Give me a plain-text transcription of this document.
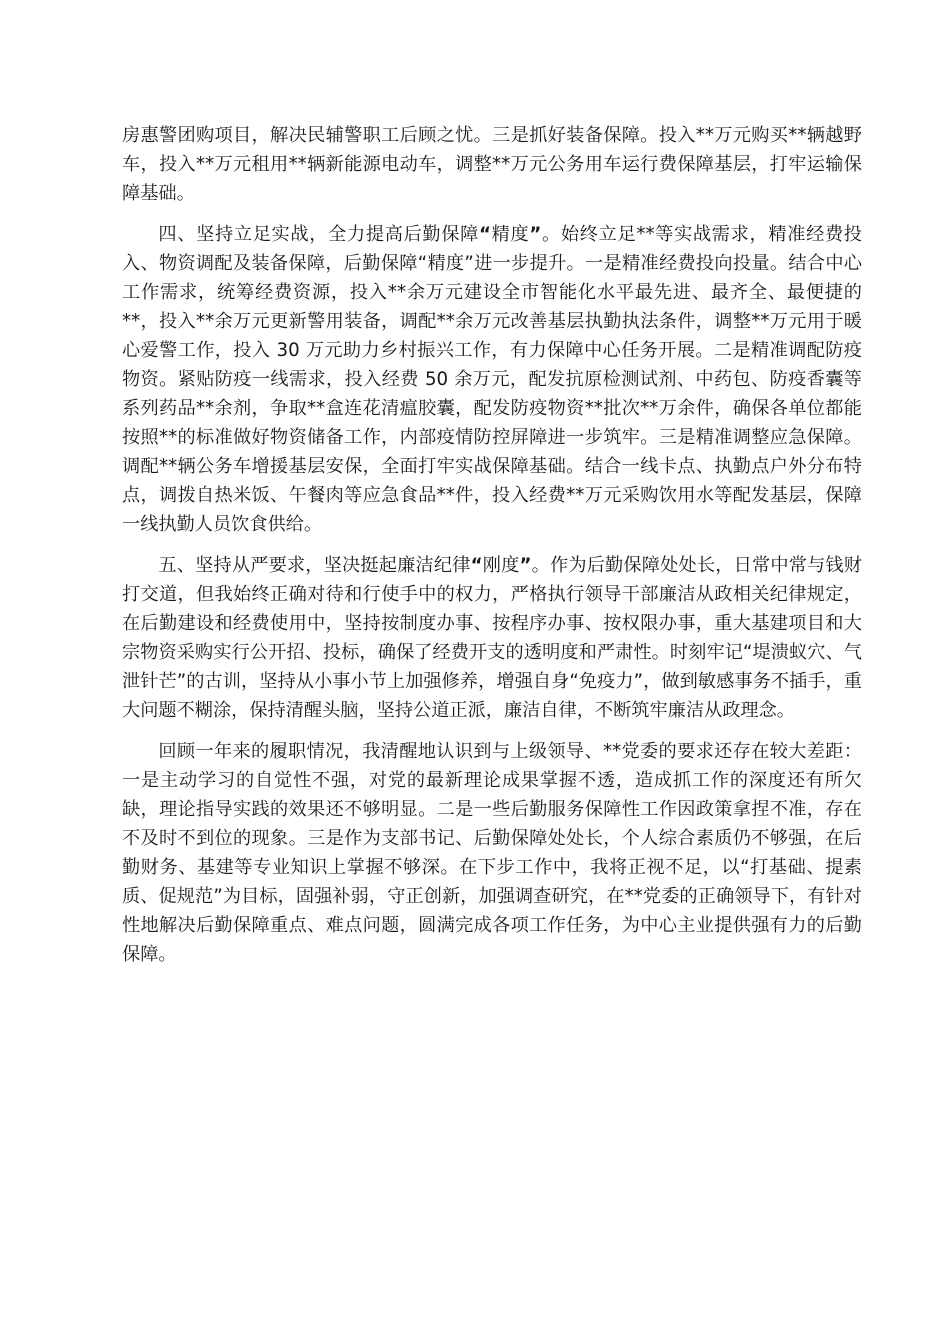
房惠警团购项目，解决民辅警职工后顾之忧。三是抓好装备保障。投入**万元购买**辆越野车，投入**万元租用**辆新能源电动车，调整**万元公务用车运行费保障基层，打牢运输保障基础。

四、坚持立足实战，全力提高后勤保障“精度”。始终立足**等实战需求，精准经费投入、物资调配及装备保障，后勤保障“精度”进一步提升。一是精准经费投向投量。结合中心工作需求，统筹经费资源，投入**余万元建设全市智能化水平最先进、最齐全、最便捷的**，投入**余万元更新警用装备，调配**余万元改善基层执勤执法条件，调整**万元用于暖心爱警工作，投入 30 万元助力乡村振兴工作，有力保障中心任务开展。二是精准调配防疫物资。紧贴防疫一线需求，投入经费 50 余万元，配发抗原检测试剂、中药包、防疫香囊等系列药品**余剂，争取**盒连花清瘟胶囊，配发防疫物资**批次**万余件，确保各单位都能按照**的标准做好物资储备工作，内部疫情防控屏障进一步筑牢。三是精准调整应急保障。调配**辆公务车增援基层安保，全面打牢实战保障基础。结合一线卡点、执勤点户外分布特点，调拨自热米饭、午餐肉等应急食品**件，投入经费**万元采购饮用水等配发基层，保障一线执勤人员饮食供给。

五、坚持从严要求，坚决挺起廉洁纪律“刚度”。作为后勤保障处处长，日常中常与钱财打交道，但我始终正确对待和行使手中的权力，严格执行领导干部廉洁从政相关纪律规定，在后勤建设和经费使用中，坚持按制度办事、按程序办事、按权限办事，重大基建项目和大宗物资采购实行公开招、投标，确保了经费开支的透明度和严肃性。时刻牢记“堤溃蚁穴、气泄针芒”的古训，坚持从小事小节上加强修养，增强自身“免疫力”，做到敏感事务不插手，重大问题不糊涂，保持清醒头脑，坚持公道正派，廉洁自律，不断筑牢廉洁从政理念。

回顾一年来的履职情况，我清醒地认识到与上级领导、**党委的要求还存在较大差距：一是主动学习的自觉性不强，对党的最新理论成果掌握不透，造成抓工作的深度还有所欠缺，理论指导实践的效果还不够明显。二是一些后勤服务保障性工作因政策拿捏不准，存在不及时不到位的现象。三是作为支部书记、后勤保障处处长，个人综合素质仍不够强，在后勤财务、基建等专业知识上掌握不够深。在下步工作中，我将正视不足，以“打基础、提素质、促规范”为目标，固强补弱，守正创新，加强调查研究，在**党委的正确领导下，有针对性地解决后勤保障重点、难点问题，圆满完成各项工作任务，为中心主业提供强有力的后勤保障。
